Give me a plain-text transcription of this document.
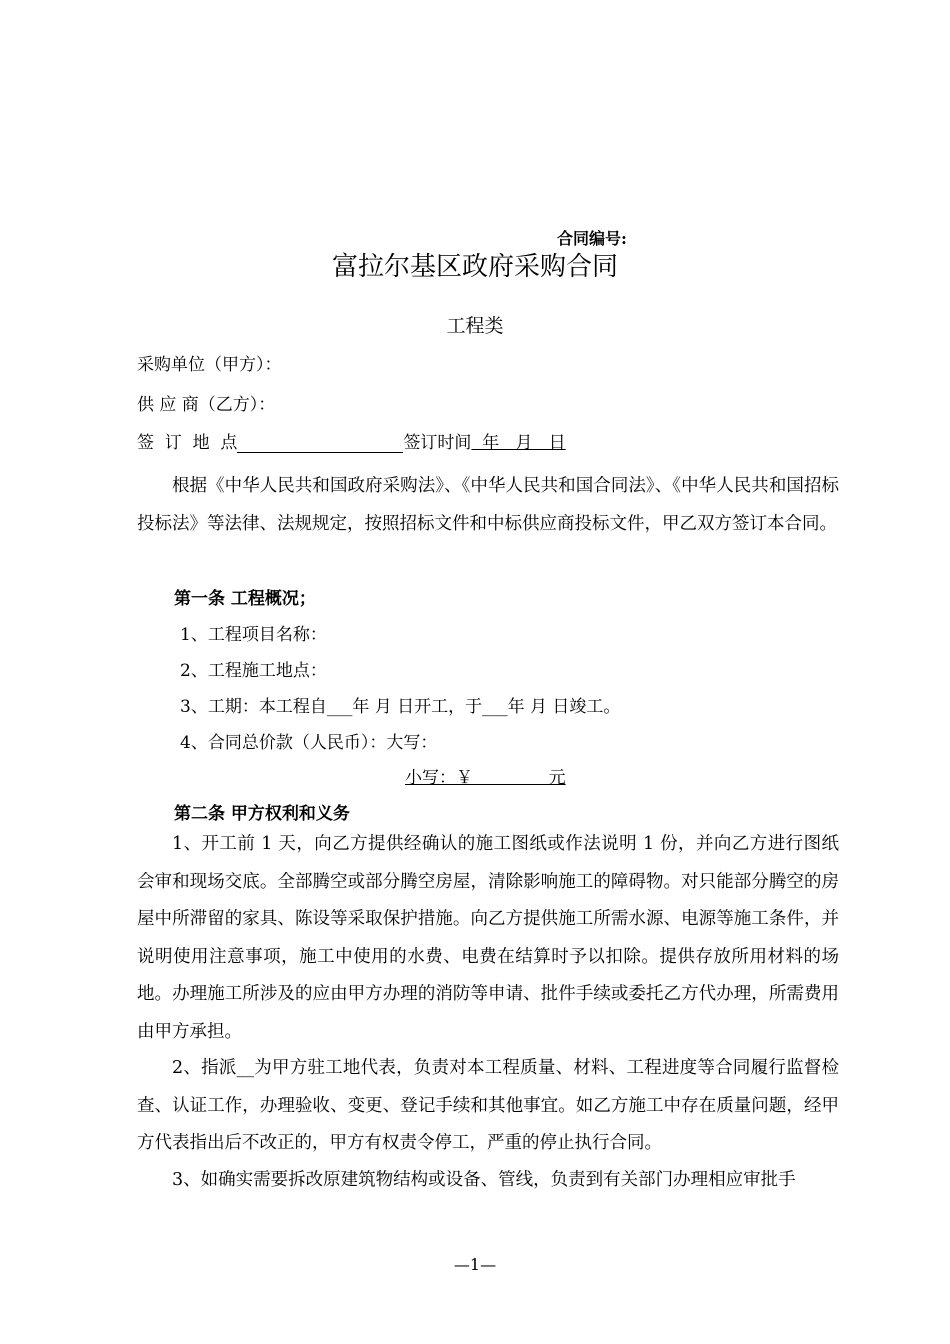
合同编号:
富拉尔基区政府采购合同
工程类
采购单位（甲方）：
供 应 商（乙方）：
签  订  地  点	签订时间  年   月   日
根据《中华人民共和国政府采购法》、《中华人民共和国合同法》、《中华人民共和国招标投标法》等法律、法规规定，按照招标文件和中标供应商投标文件，甲乙双方签订本合同。
第一条 工程概况；
1、工程项目名称：
2、工程施工地点：
3、工期：本工程自___年 月 日开工，于___年 月 日竣工。
4、合同总价款（人民币）：大写：
小写：￥              元
第二条 甲方权利和义务
1、开工前 1 天，向乙方提供经确认的施工图纸或作法说明 1 份，并向乙方进行图纸会审和现场交底。全部腾空或部分腾空房屋，清除影响施工的障碍物。对只能部分腾空的房屋中所滞留的家具、陈设等采取保护措施。向乙方提供施工所需水源、电源等施工条件，并说明使用注意事项，施工中使用的水费、电费在结算时予以扣除。提供存放所用材料的场地。办理施工所涉及的应由甲方办理的消防等申请、批件手续或委托乙方代办理，所需费用由甲方承担。
2、指派__为甲方驻工地代表，负责对本工程质量、材料、工程进度等合同履行监督检查、认证工作，办理验收、变更、登记手续和其他事宜。如乙方施工中存在质量问题，经甲方代表指出后不改正的，甲方有权责令停工，严重的停止执行合同。
3、如确实需要拆改原建筑物结构或设备、管线，负责到有关部门办理相应审批手
—1—
